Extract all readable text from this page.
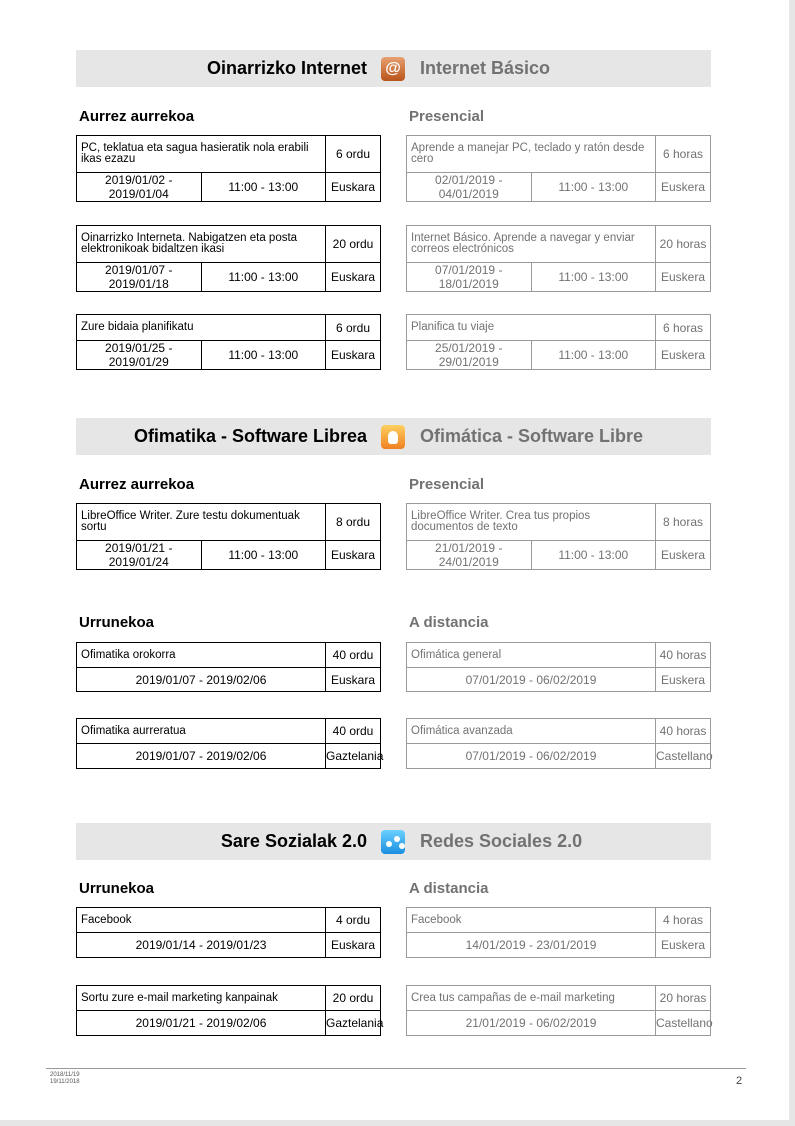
Oinarrizko Internet @ Internet Básico
Aurrez aurrekoa	Presencial
PC, teklatua eta sagua hasieratik nola erabili ikas ezazu		6 ordu
2019/01/02 - 2019/01/04	11:00 - 13:00	Euskara
Aprende a manejar PC, teclado y ratón desde cero		6 horas
02/01/2019 - 04/01/2019	11:00 - 13:00	Euskera
Oinarrizko Interneta. Nabigatzen eta posta elektronikoak bidaltzen ikasi		20 ordu
2019/01/07 - 2019/01/18	11:00 - 13:00	Euskara
Internet Básico. Aprende a navegar y enviar correos electrónicos		20 horas
07/01/2019 - 18/01/2019	11:00 - 13:00	Euskera
Zure bidaia planifikatu		6 ordu
2019/01/25 - 2019/01/29	11:00 - 13:00	Euskara
Planifica tu viaje		6 horas
25/01/2019 - 29/01/2019	11:00 - 13:00	Euskera
Ofimatika - Software Librea	Ofimática - Software Libre
Aurrez aurrekoa	Presencial
LibreOffice Writer. Zure testu dokumentuak sortu		8 ordu
2019/01/21 - 2019/01/24	11:00 - 13:00	Euskara
LibreOffice Writer. Crea tus propios documentos de texto		8 horas
21/01/2019 - 24/01/2019	11:00 - 13:00	Euskera
Urrunekoa	A distancia
Ofimatika orokorra	40 ordu
2019/01/07 - 2019/02/06	Euskara
Ofimática general	40 horas
07/01/2019 - 06/02/2019	Euskera
Ofimatika aurreratua	40 ordu
2019/01/07 - 2019/02/06	Gaztelania
Ofimática avanzada	40 horas
07/01/2019 - 06/02/2019	Castellano
Sare Sozialak 2.0	Redes Sociales 2.0
Urrunekoa	A distancia
Facebook	4 ordu
2019/01/14 - 2019/01/23	Euskara
Facebook	4 horas
14/01/2019 - 23/01/2019	Euskera
Sortu zure e-mail marketing kanpainak	20 ordu
2019/01/21 - 2019/02/06	Gaztelania
Crea tus campañas de e-mail marketing	20 horas
21/01/2019 - 06/02/2019	Castellano
2018/11/19
19/11/2018	2
